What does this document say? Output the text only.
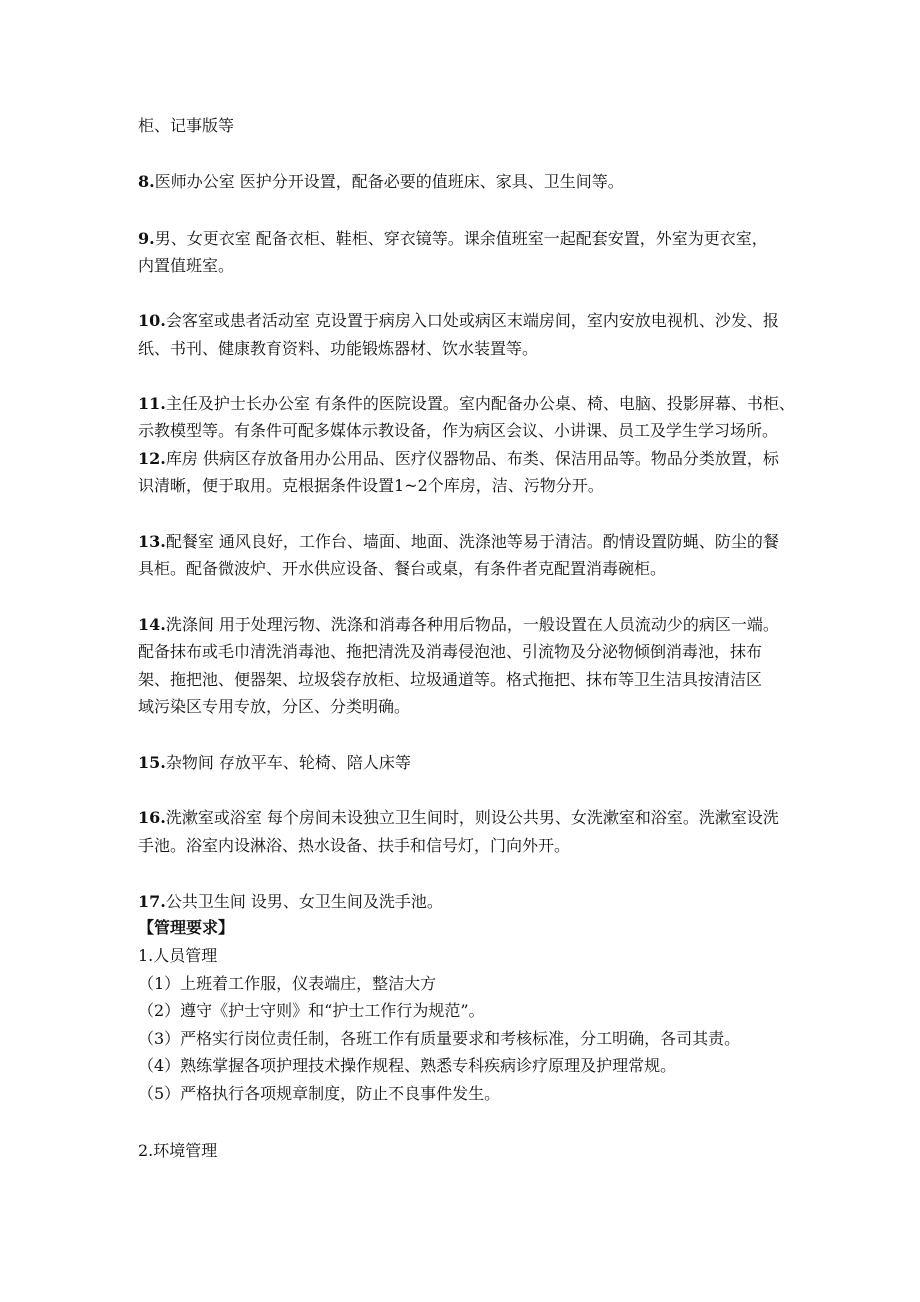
柜、记事版等
8.医师办公室 医护分开设置，配备必要的值班床、家具、卫生间等。
9.男、女更衣室 配备衣柜、鞋柜、穿衣镜等。课余值班室一起配套安置，外室为更衣室，
内置值班室。
10.会客室或患者活动室 克设置于病房入口处或病区末端房间，室内安放电视机、沙发、报
纸、书刊、健康教育资料、功能锻炼器材、饮水装置等。
11.主任及护士长办公室 有条件的医院设置。室内配备办公桌、椅、电脑、投影屏幕、书柜、
示教模型等。有条件可配多媒体示教设备，作为病区会议、小讲课、员工及学生学习场所。
12.库房 供病区存放备用办公用品、医疗仪器物品、布类、保洁用品等。物品分类放置，标
识清晰，便于取用。克根据条件设置1~2个库房，洁、污物分开。
13.配餐室 通风良好，工作台、墙面、地面、洗涤池等易于清洁。酌情设置防蝇、防尘的餐
具柜。配备微波炉、开水供应设备、餐台或桌，有条件者克配置消毒碗柜。
14.洗涤间 用于处理污物、洗涤和消毒各种用后物品，一般设置在人员流动少的病区一端。
配备抹布或毛巾清洗消毒池、拖把清洗及消毒侵泡池、引流物及分泌物倾倒消毒池，抹布
架、拖把池、便器架、垃圾袋存放柜、垃圾通道等。格式拖把、抹布等卫生洁具按清洁区
域污染区专用专放，分区、分类明确。
15.杂物间 存放平车、轮椅、陪人床等
16.洗漱室或浴室 每个房间未设独立卫生间时，则设公共男、女洗漱室和浴室。洗漱室设洗
手池。浴室内设淋浴、热水设备、扶手和信号灯，门向外开。
17.公共卫生间 设男、女卫生间及洗手池。
【管理要求】
1.人员管理
（1）上班着工作服，仪表端庄，整洁大方
（2）遵守《护士守则》和“护士工作行为规范”。
（3）严格实行岗位责任制，各班工作有质量要求和考核标准，分工明确，各司其责。
（4）熟练掌握各项护理技术操作规程、熟悉专科疾病诊疗原理及护理常规。
（5）严格执行各项规章制度，防止不良事件发生。
2.环境管理
